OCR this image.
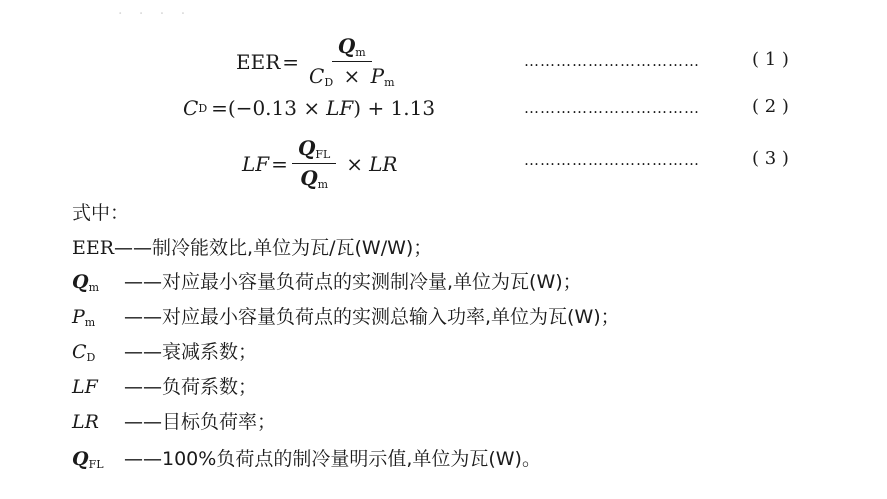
· · · ·
EER = $\frac{Q_m}{C_D \times P_m}$	……………………………	( 1 )
C D =(−0.13 × LF ) + 1.13	……………………………	( 2 )
LF = $\frac{Q_{FL}}{Q_m}$ × LR	……………………………	( 3 )
式中：
EER——制冷能效比,单位为瓦/瓦(W/W)；
$Q_m$ ——对应最小容量负荷点的实测制冷量,单位为瓦(W)；
$P_m$ ——对应最小容量负荷点的实测总输入功率,单位为瓦(W)；
$C_D$ ——衰减系数；
LF ——负荷系数；
LR ——目标负荷率；
$Q_{FL}$ ——100%负荷点的制冷量明示值,单位为瓦(W)。
